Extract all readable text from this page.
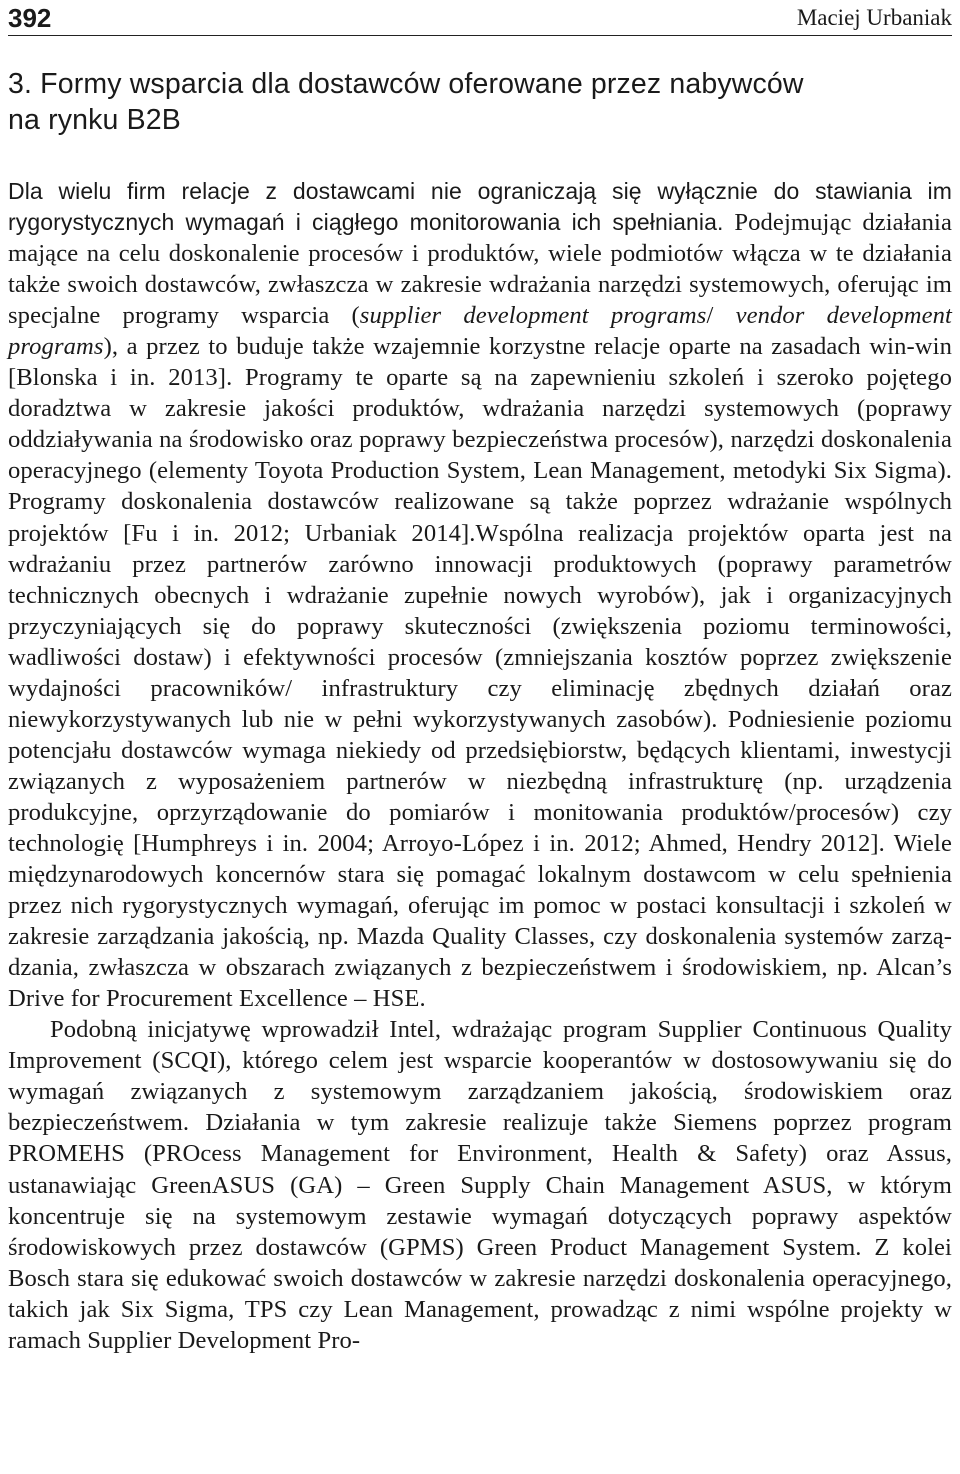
392	Maciej Urbaniak
3. Formy wsparcia dla dostawców oferowane przez nabywców
na rynku B2B

Dla wielu firm relacje z dostawcami nie ograniczają się wyłącznie do stawiania im rygorystycznych wymagań i ciągłego monitorowania ich spełniania. Podejmując działania mające na celu doskonalenie procesów i produktów, wiele podmiotów włącza w te działania także swoich dostawców, zwłaszcza w zakresie wdrażania narzędzi systemowych, oferując im specjalne programy wsparcia (supplier development programs/ vendor development programs), a przez to buduje także wzajemnie korzystne relacje oparte na zasadach win-win [Blonska i in. 2013]. Programy te oparte są na zapewnieniu szkoleń i szeroko pojętego doradztwa w zakresie jakości produktów, wdrażania narzędzi systemowych (poprawy oddziaływania na środowisko oraz poprawy bezpieczeństwa procesów), narzędzi doskonalenia operacyjnego (elementy Toyota Production System, Lean Management, metodyki Six Sigma). Programy doskonalenia dostawców realizowane są także poprzez wdrażanie wspólnych projektów [Fu i in. 2012; Urbaniak 2014].Wspólna realizacja projektów oparta jest na wdrażaniu przez partnerów zarówno innowacji produktowych (poprawy parametrów technicznych obecnych i wdrażanie zupełnie nowych wyrobów), jak i organizacyjnych przyczyniających się do poprawy skuteczności (zwiększenia poziomu terminowości, wadliwości dostaw) i efektywności procesów (zmniejszania kosztów poprzez zwiększenie wydajności pracowników/ infrastruktury czy eliminację zbędnych działań oraz niewykorzystywanych lub nie w pełni wykorzystywanych zasobów). Podniesienie poziomu potencjału dostawców wymaga niekiedy od przedsiębiorstw, będących klientami, inwestycji związanych z wyposażeniem partnerów w niezbędną infrastrukturę (np. urządzenia produkcyjne, oprzyrządowanie do pomiarów i monitowania produktów/procesów) czy technologię [Humphreys i in. 2004; Arroyo-López i in. 2012; Ahmed, Hendry 2012]. Wiele międzynarodowych koncernów stara się pomagać lokalnym dostawcom w celu spełnienia przez nich rygorystycznych wymagań, oferując im pomoc w postaci konsultacji i szkoleń w zakresie zarządzania jakością, np. Mazda Quality Classes, czy doskonalenia systemów zarządzania, zwłaszcza w obszarach związanych z bezpieczeństwem i środowiskiem, np. Alcan’s Drive for Procurement Excellence – HSE.

Podobną inicjatywę wprowadził Intel, wdrażając program Supplier Continuous Quality Improvement (SCQI), którego celem jest wsparcie kooperantów w dostosowywaniu się do wymagań związanych z systemowym zarządzaniem jakością, środowiskiem oraz bezpieczeństwem. Działania w tym zakresie realizuje także Siemens poprzez program PROMEHS (PROcess Management for Environment, Health & Safety) oraz Assus, ustanawiając GreenASUS (GA) – Green Supply Chain Management ASUS, w którym koncentruje się na systemowym zestawie wymagań dotyczących poprawy aspektów środowiskowych przez dostawców (GPMS) Green Product Management System. Z kolei Bosch stara się edukować swoich dostawców w zakresie narzędzi doskonalenia operacyjnego, takich jak Six Sigma, TPS czy Lean Management, prowadząc z nimi wspólne projekty w ramach Supplier Development Pro-
